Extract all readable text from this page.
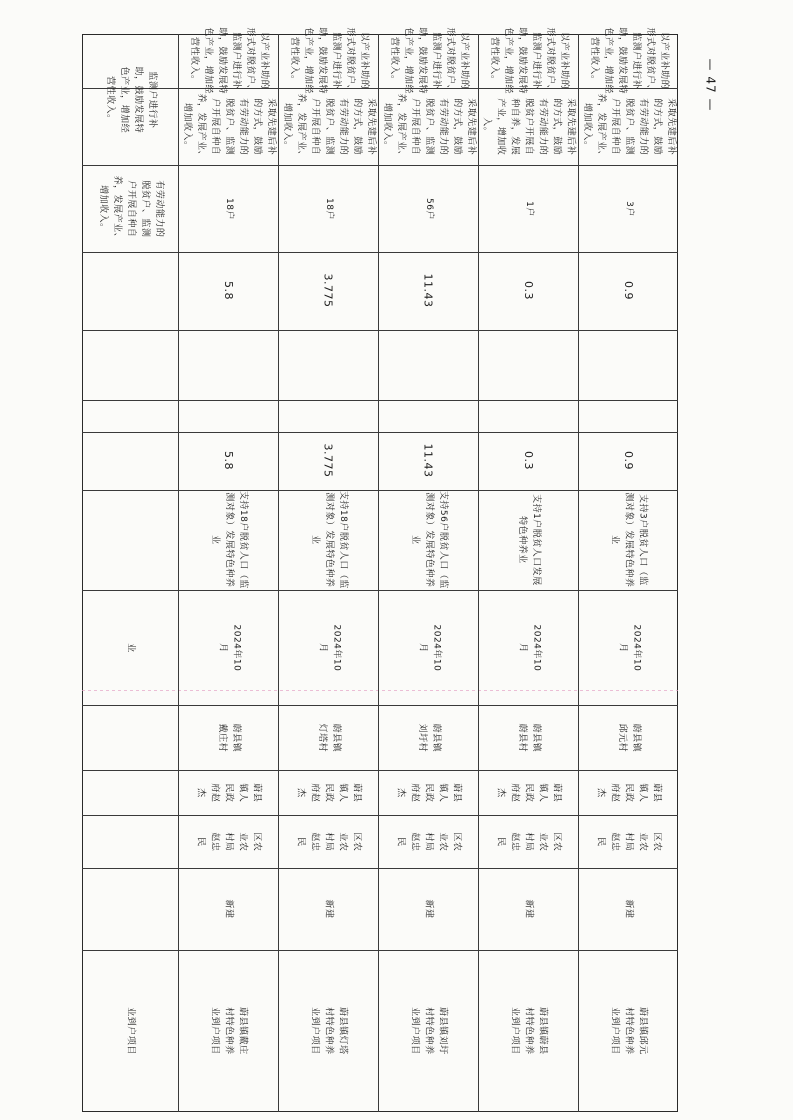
— 47 —
业到户项目
业
有劳动能力的
脱贫户、监测
户开展自种自
养，发展产业、
增加收入。
监测户进行补
助，鼓励发展特
色产业，增加经
营性收入。
蔚县镇戴庄
村特色种养
业到户项目
新建
区农
业农
村局
赵忠
民
蔚县
镇人
民政
府赵
杰
蔚县镇
戴庄村
2024年10
月
支持18户脱贫人口（监
测对象）发展特色种养
业
5.8
5.8
18户
采取先建后补
的方式，鼓励
有劳动能力的
脱贫户、监测
户开展自种自
养，发展产业、
增加收入。
以产业补助的
形式对脱贫户、
监测户进行补
助，鼓励发展特
色产业，增加经
营性收入。
蔚县镇灯塔
村特色种养
业到户项目
新建
区农
业农
村局
赵忠
民
蔚县
镇人
民政
府赵
杰
蔚县镇
灯塔村
2024年10
月
支持18户脱贫人口（监
测对象）发展特色种养
业
3.775
3.775
18户
采取先建后补
的方式，鼓励
有劳动能力的
脱贫户、监测
户开展自种自
养，发展产业、
增加收入。
以产业补助的
形式对脱贫户、
监测户进行补
助，鼓励发展特
色产业，增加经
营性收入。
蔚县镇刘圩
村特色种养
业到户项目
新建
区农
业农
村局
赵忠
民
蔚县
镇人
民政
府赵
杰
蔚县镇
刘圩村
2024年10
月
支持56户脱贫人口（监
测对象）发展特色种养
业
11.43
11.43
56户
采取先建后补
的方式，鼓励
有劳动能力的
脱贫户、监测
户开展自种自
养，发展产业、
增加收入。
以产业补助的
形式对脱贫户、
监测户进行补
助，鼓励发展特
色产业，增加经
营性收入。
蔚县镇蔚县
村特色种养
业到户项目
新建
区农
业农
村局
赵忠
民
蔚县
镇人
民政
府赵
杰
蔚县镇
蔚县村
2024年10
月
支持1户脱贫人口发展
特色种养业
0.3
0.3
1户
采取先建后补
的方式，鼓励
有劳动能力的
脱贫户开展自
种自养，发展
产业，增加收
入。
以产业补助的
形式对脱贫户、
监测户进行补
助，鼓励发展特
色产业，增加经
营性收入。
蔚县镇邱元
村特色种养
业到户项目
新建
区农
业农
村局
赵忠
民
蔚县
镇人
民政
府赵
杰
蔚县镇
邱元村
2024年10
月
支持3户脱贫人口（监
测对象）发展特色种养
业
0.9
0.9
3户
采取先建后补
的方式，鼓励
有劳动能力的
脱贫户、监测
户开展自种自
养，发展产业、
增加收入。
以产业补助的
形式对脱贫户、
监测户进行补
助，鼓励发展特
色产业，增加经
营性收入。
